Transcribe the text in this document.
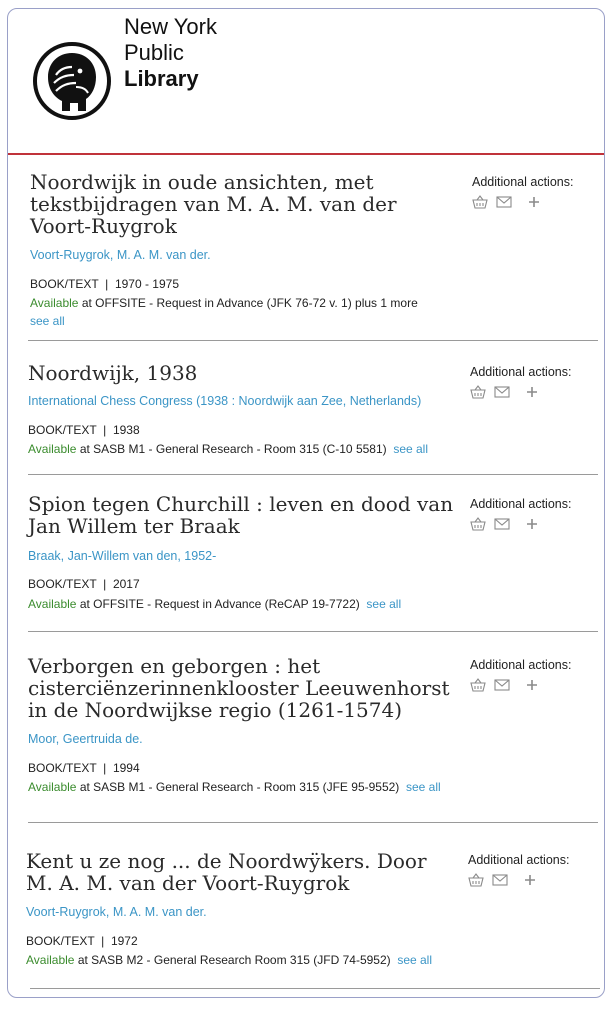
New York
Public
Library
Noordwijk in oude ansichten, met tekstbijdragen van M. A. M. van der Voort-Ruygrok
Voort-Ruygrok, M. A. M. van der.
BOOK/TEXT | 1970 - 1975
Available at OFFSITE - Request in Advance (JFK 76-72 v. 1) plus 1 more
see all
Additional actions:
Noordwijk, 1938
International Chess Congress (1938 : Noordwijk aan Zee, Netherlands)
BOOK/TEXT | 1938
Available at SASB M1 - General Research - Room 315 (C-10 5581) see all
Additional actions:
Spion tegen Churchill : leven en dood van Jan Willem ter Braak
Braak, Jan-Willem van den, 1952-
BOOK/TEXT | 2017
Available at OFFSITE - Request in Advance (ReCAP 19-7722) see all
Additional actions:
Verborgen en geborgen : het cisterciënzerinnenklooster Leeuwenhorst in de Noordwijkse regio (1261-1574)
Moor, Geertruida de.
BOOK/TEXT | 1994
Available at SASB M1 - General Research - Room 315 (JFE 95-9552) see all
Additional actions:
Kent u ze nog ... de Noordwÿkers. Door M. A. M. van der Voort-Ruygrok
Voort-Ruygrok, M. A. M. van der.
BOOK/TEXT | 1972
Available at SASB M2 - General Research Room 315 (JFD 74-5952) see all
Additional actions:
